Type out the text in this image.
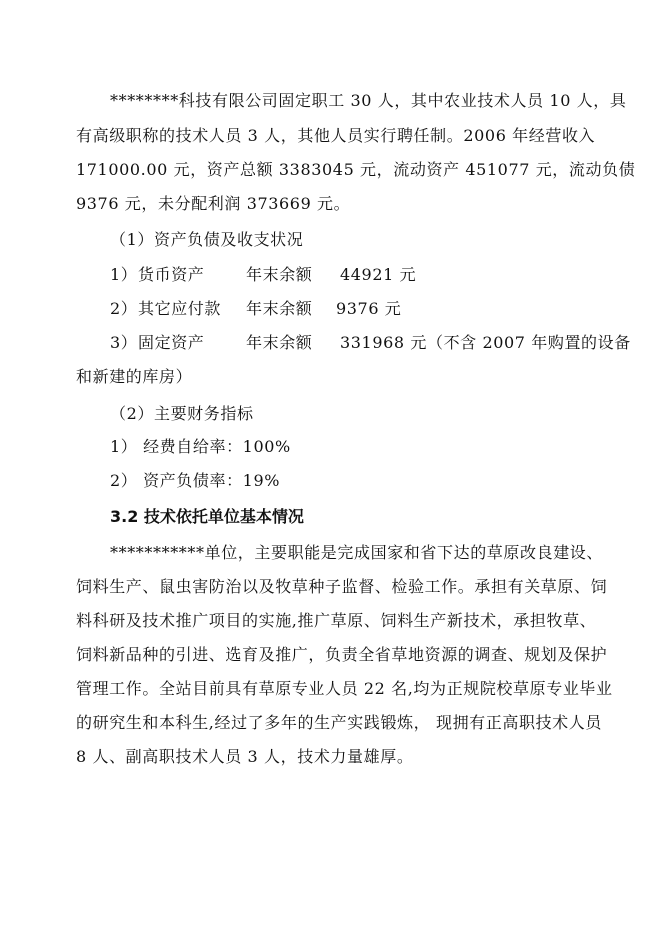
********科技有限公司固定职工 30 人，其中农业技术人员 10 人，具
有高级职称的技术人员 3 人，其他人员实行聘任制。2006 年经营收入
171000.00 元，资产总额 3383045 元，流动资产 451077 元，流动负债
9376 元，未分配利润 373669 元。
（1）资产负债及收支状况
1） 货币资产	年末余额 44921 元
2） 其它应付款 年末余额 9376 元
3） 固定资产	年末余额 331968 元（不含 2007 年购置的设备
和新建的库房）
（2）主要财务指标
1） 经费自给率：100%
2） 资产负债率：19%
3.2 技术依托单位基本情况
***********单位，主要职能是完成国家和省下达的草原改良建设、
饲料生产、鼠虫害防治以及牧草种子监督、检验工作。承担有关草原、饲
料科研及技术推广项目的实施,推广草原、饲料生产新技术，承担牧草、
饲料新品种的引进、选育及推广，负责全省草地资源的调查、规划及保护
管理工作。全站目前具有草原专业人员 22 名,均为正规院校草原专业毕业
的研究生和本科生,经过了多年的生产实践锻炼， 现拥有正高职技术人员
8 人、副高职技术人员 3 人，技术力量雄厚。
